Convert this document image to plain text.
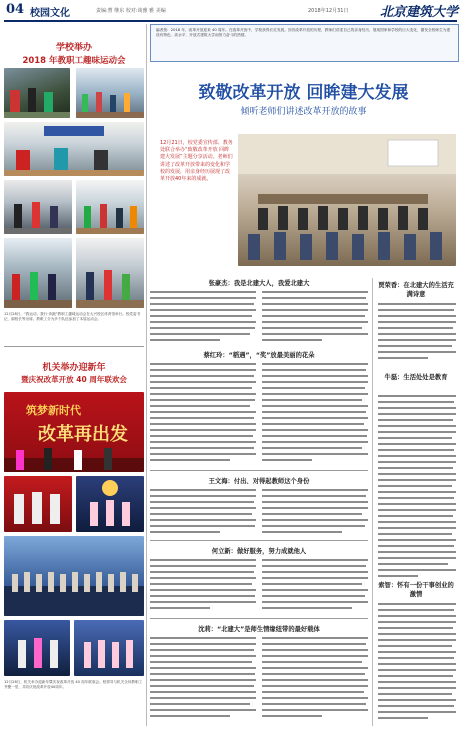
04 校园文化	责编:曹 继东 校对:谈雅 雅 美编	2018年12月31日 北京建筑大学
学校举办
2018 年教职工趣味运动会
12月28日，“我运动，我行·奔跑”教职工趣味运动会在大兴校区体育馆举行。校党委书记、副校长等出席。教职工分为多个队伍参加了本届运动会。
机关举办迎新年
暨庆祝改革开放 40 周年联欢会
筑梦新时代
改革再出发
12月28日，机关举办迎新年暨庆祝改革开放 40 周年联欢会。校领导与机关全体教职工齐聚一堂，共同庆祝改革开放40周年。
编者按：2018 年，改革开放迎来 40 周年。在改革开放中，学校获得长足发展。回首改革开放的历程，教师们讲述自己的亲身经历，展现国家和学校的巨大变化，激发全校师生为建设有特色、高水平、开放式建筑大学而努力奋斗的热情。
致敬改革开放 回眸建大发展
倾听老师们讲述改革开放的故事
12月21日，校党委宣传部、教务处联合举办“致敬改革开放 回眸建大发展”主题分享活动。老师们讲述了改革开放带来的变化和学校的发展，用亲身经历展现了改革开放40年来的成就。
张豪杰：我是北建大人，我爱北建大
蔡红玲：“稻遇”，“奖”放最美丽的花朵
王文海：付出、对得起教师这个身份
何立新：做好服务，努力成就他人
沈莉：“北建大”是师生情缘纽带的最好载体
贾荣香：在北建大的生活充满诗意
牛磊：生活处处是教育
索智：怀有一份干事创业的激情
